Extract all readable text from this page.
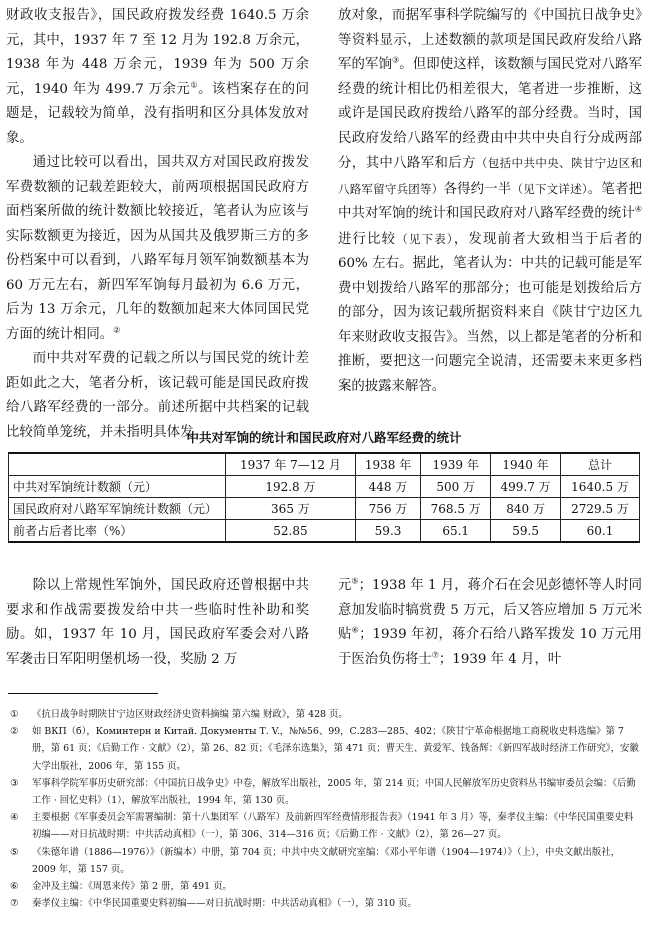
财政收支报告》，国民政府拨发经费 1640.5 万余元，其中，1937 年 7 至 12 月为 192.8 万余元，1938 年为 448 万余元，1939 年为 500 万余元，1940 年为 499.7 万余元①。该档案存在的问题是，记载较为简单，没有指明和区分具体发放对象。

通过比较可以看出，国共双方对国民政府拨发军费数额的记载差距较大，前两项根据国民政府方面档案所做的统计数额比较接近，笔者认为应该与实际数额更为接近，因为从国共及俄罗斯三方的多份档案中可以看到，八路军每月领军饷数额基本为 60 万元左右，新四军军饷每月最初为 6.6 万元，后为 13 万余元，几年的数额加起来大体同国民党方面的统计相同。②

而中共对军费的记载之所以与国民党的统计差距如此之大，笔者分析，该记载可能是国民政府拨给八路军经费的一部分。前述所据中共档案的记载比较简单笼统，并未指明具体发

放对象，而据军事科学院编写的《中国抗日战争史》等资料显示，上述数额的款项是国民政府发给八路军的军饷③。但即使这样，该数额与国民党对八路军经费的统计相比仍相差很大，笔者进一步推断，这或许是国民政府拨给八路军的部分经费。当时，国民政府发给八路军的经费由中共中央自行分成两部分，其中八路军和后方（包括中共中央、陕甘宁边区和八路军留守兵团等）各得约一半（见下文详述）。笔者把中共对军饷的统计和国民政府对八路军经费的统计④进行比较（见下表），发现前者大致相当于后者的 60% 左右。据此，笔者认为：中共的记载可能是军费中划拨给八路军的那部分；也可能是划拨给后方的部分，因为该记载所据资料来自《陕甘宁边区九年来财政收支报告》。当然，以上都是笔者的分析和推断，要把这一问题完全说清，还需要未来更多档案的披露来解答。

中共对军饷的统计和国民政府对八路军经费的统计
	1937 年 7—12 月	1938 年	1939 年	1940 年	总计
中共对军饷统计数额（元）	192.8 万	448 万	500 万	499.7 万	1640.5 万
国民政府对八路军军饷统计数额（元）	365 万	756 万	768.5 万	840 万	2729.5 万
前者占后者比率（%）	52.85	59.3	65.1	59.5	60.1

除以上常规性军饷外，国民政府还曾根据中共要求和作战需要拨发给中共一些临时性补助和奖励。如，1937 年 10 月，国民政府军委会对八路军袭击日军阳明堡机场一役，奖励 2 万

元⑤；1938 年 1 月，蒋介石在会见彭德怀等人时同意加发临时犒赏费 5 万元，后又答应增加 5 万元米贴⑥；1939 年初，蒋介石给八路军拨发 10 万元用于医治负伤将士⑦；1939 年 4 月，叶

① 《抗日战争时期陕甘宁边区财政经济史资料摘编 第六编 财政》，第 428 页。
② 如 ВКП（б），Коминтерн и Китай. Документы Т. V.，№№56、99，С.283—285、402；《陕甘宁革命根据地工商税收史料选编》第 7 册，第 61 页；《后勤工作 · 文献》（2），第 26、82 页；《毛泽东选集》，第 471 页；曹天生、黄爱军、钱备辉：《新四军战时经济工作研究》，安徽大学出版社，2006 年，第 155 页。
③ 军事科学院军事历史研究部：《中国抗日战争史》中卷，解放军出版社，2005 年，第 214 页；中国人民解放军历史资料丛书编审委员会编：《后勤工作 · 回忆史料》（1），解放军出版社，1994 年，第 130 页。
④ 主要根据《军事委员会军需署编制：第十八集团军（八路军）及前新四军经费情形报告表》（1941 年 3 月）等，秦孝仪主编：《中华民国重要史料初编——对日抗战时期：中共活动真相》（一），第 306、314—316 页；《后勤工作 · 文献》（2），第 26—27 页。
⑤ 《朱德年谱（1886—1976）》（新编本）中册，第 704 页；中共中央文献研究室编：《邓小平年谱（1904—1974）》（上），中央文献出版社，2009 年，第 157 页。
⑥ 金冲及主编：《周恩来传》第 2 册，第 491 页。
⑦ 秦孝仪主编：《中华民国重要史料初编——对日抗战时期：中共活动真相》（一），第 310 页。
